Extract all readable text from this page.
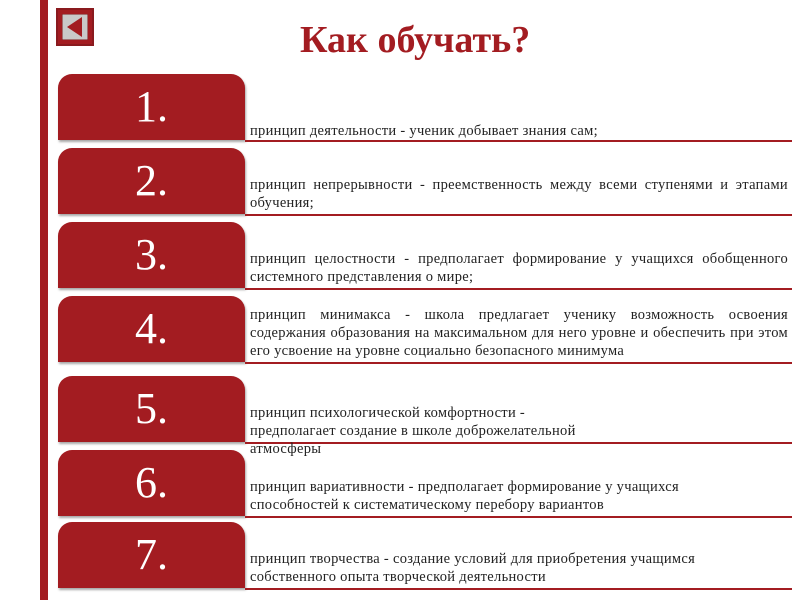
Как обучать?
1.	принцип деятельности - ученик добывает знания сам;
2.	принцип непрерывности - преемственность между всеми ступенями и этапами обучения;
3.	принцип целостности - предполагает формирование у учащихся обобщенного системного представления о мире;
4.	принцип минимакса - школа предлагает ученику возможность освоения содержания образования на максимальном для него уровне и обеспечить при этом его усвоение на уровне социально безопасного минимума
5.	принцип психологической комфортности - предполагает создание в школе доброжелательной атмосферы
6.	принцип вариативности - предполагает формирование у учащихся способностей к систематическому перебору вариантов
7.	принцип творчества - создание условий для приобретения учащимся собственного опыта творческой деятельности
